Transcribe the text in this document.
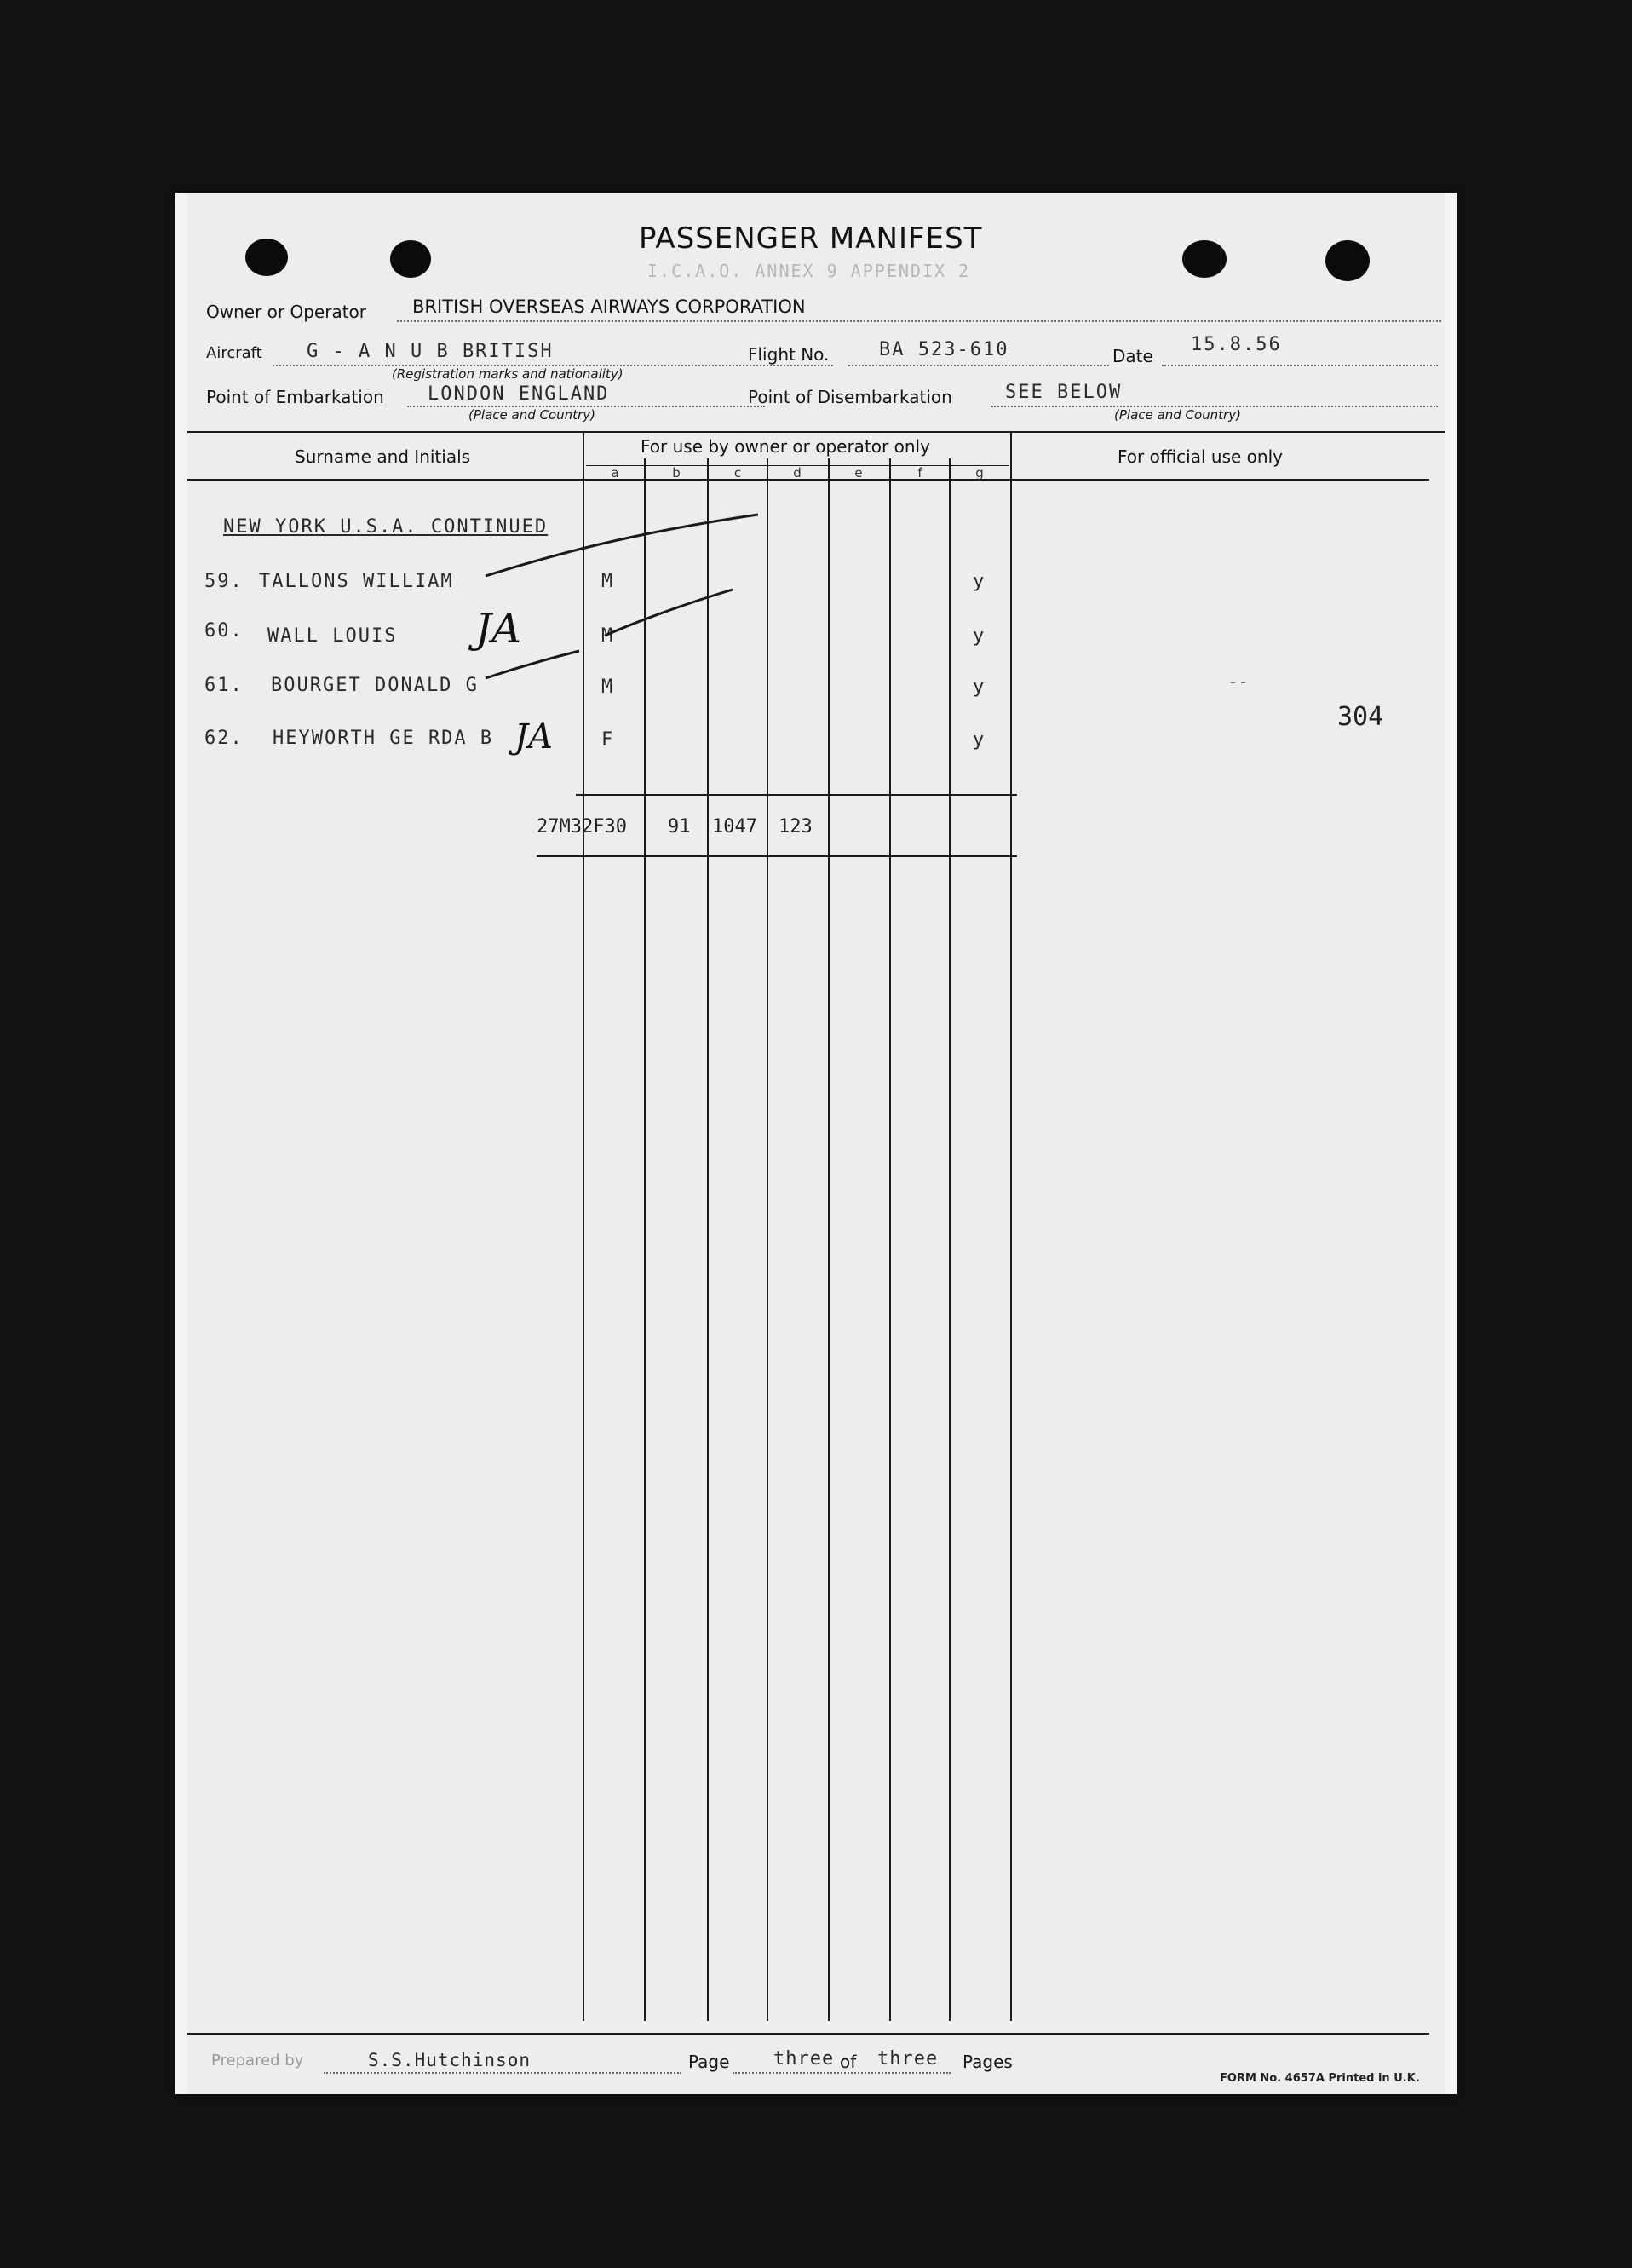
PASSENGER MANIFEST
I.C.A.O. ANNEX 9 APPENDIX 2
Owner or Operator	BRITISH OVERSEAS AIRWAYS CORPORATION
Aircraft G - A N U B BRITISH
(Registration marks and nationality)
Flight No.	BA 523-610	Date
15.8.56
Point of Embarkation LONDON ENGLAND
(Place and Country)
Point of Disembarkation	SEE BELOW
(Place and Country)
Surname and Initials	For use by owner or operator only	For official use only
a	b	c	d	e	f	g
NEW YORK U.S.A. CONTINUED
59. TALLONS WILLIAM	M	y
60. WALL LOUIS	M	y
61. BOURGET DONALD G	M	y
62. HEYWORTH GE RDA B	F	y
JA
JA
- -
304
27M32F30 91 1047 123
Prepared by	S.S.Hutchinson	Page three of three Pages
FORM No. 4657A Printed in U.K.
